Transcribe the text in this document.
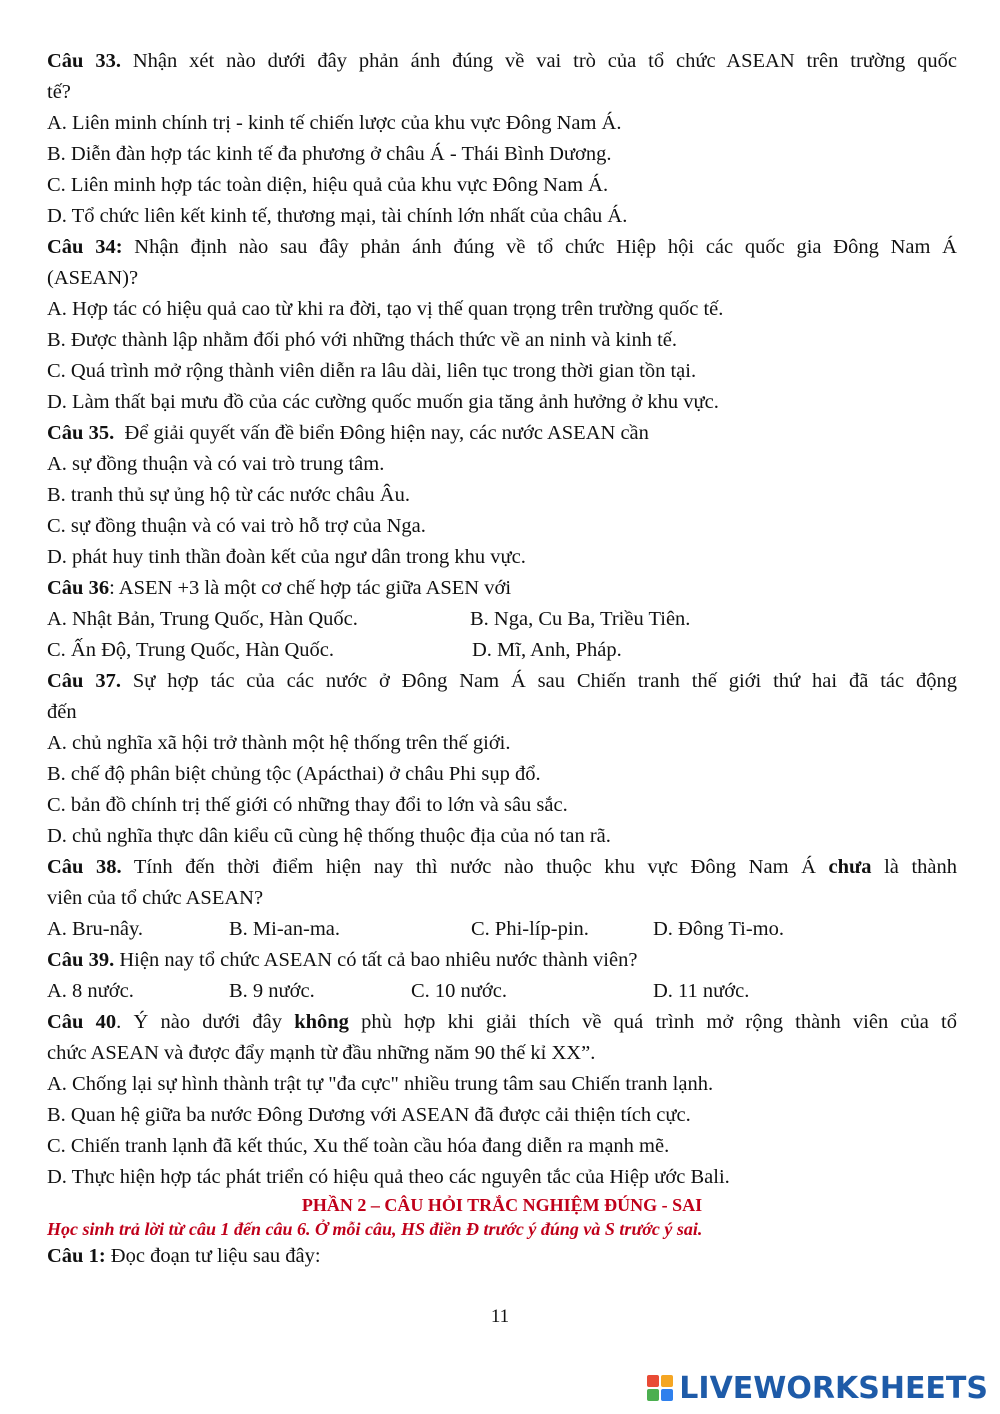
Câu 33. Nhận xét nào dưới đây phản ánh đúng về vai trò của tổ chức ASEAN trên trường quốc
tế?
A. Liên minh chính trị - kinh tế chiến lược của khu vực Đông Nam Á.
B. Diễn đàn hợp tác kinh tế đa phương ở châu Á - Thái Bình Dương.
C. Liên minh hợp tác toàn diện, hiệu quả của khu vực Đông Nam Á.
D. Tổ chức liên kết kinh tế, thương mại, tài chính lớn nhất của châu Á.
Câu 34: Nhận định nào sau đây phản ánh đúng về tổ chức Hiệp hội các quốc gia Đông Nam Á
(ASEAN)?
A. Hợp tác có hiệu quả cao từ khi ra đời, tạo vị thế quan trọng trên trường quốc tế.
B. Được thành lập nhằm đối phó với những thách thức về an ninh và kinh tế.
C. Quá trình mở rộng thành viên diễn ra lâu dài, liên tục trong thời gian tồn tại.
D. Làm thất bại mưu đồ của các cường quốc muốn gia tăng ảnh hưởng ở khu vực.
Câu 35.  Để giải quyết vấn đề biển Đông hiện nay, các nước ASEAN cần
A. sự đồng thuận và có vai trò trung tâm.
B. tranh thủ sự ủng hộ từ các nước châu Âu.
C. sự đồng thuận và có vai trò hỗ trợ của Nga.
D. phát huy tinh thần đoàn kết của ngư dân trong khu vực.
Câu 36: ASEN +3 là một cơ chế hợp tác giữa ASEN với
A. Nhật Bản, Trung Quốc, Hàn Quốc.	B. Nga, Cu Ba, Triều Tiên.
C. Ấn Độ, Trung Quốc, Hàn Quốc.	D. Mĩ, Anh, Pháp.
Câu 37. Sự hợp tác của các nước ở Đông Nam Á sau Chiến tranh thế giới thứ hai đã tác động
đến
A. chủ nghĩa xã hội trở thành một hệ thống trên thế giới.
B. chế độ phân biệt chủng tộc (Apácthai) ở châu Phi sụp đổ.
C. bản đồ chính trị thế giới có những thay đổi to lớn và sâu sắc.
D. chủ nghĩa thực dân kiểu cũ cùng hệ thống thuộc địa của nó tan rã.
Câu 38. Tính đến thời điểm hiện nay thì nước nào thuộc khu vực Đông Nam Á chưa là thành
viên của tổ chức ASEAN?
A. Bru-nây.	B. Mi-an-ma.	C. Phi-líp-pin.	D. Đông Ti-mo.
Câu 39. Hiện nay tổ chức ASEAN có tất cả bao nhiêu nước thành viên?
A. 8 nước.	B. 9 nước.	C. 10 nước.	D. 11 nước.
Câu 40. Ý nào dưới đây không phù hợp khi giải thích về quá trình mở rộng thành viên của tổ
chức ASEAN và được đẩy mạnh từ đầu những năm 90 thế kỉ XX”.
A. Chống lại sự hình thành trật tự "đa cực" nhiều trung tâm sau Chiến tranh lạnh.
B. Quan hệ giữa ba nước Đông Dương với ASEAN đã được cải thiện tích cực.
C. Chiến tranh lạnh đã kết thúc, Xu thế toàn cầu hóa đang diễn ra mạnh mẽ.
D. Thực hiện hợp tác phát triển có hiệu quả theo các nguyên tắc của Hiệp ước Bali.
PHẦN 2 – CÂU HỎI TRẮC NGHIỆM ĐÚNG - SAI
Học sinh trả lời từ câu 1 đến câu 6. Ở mỗi câu, HS điền Đ trước ý đúng và S trước ý sai.
Câu 1: Đọc đoạn tư liệu sau đây:
11
LIVEWORKSHEETS
